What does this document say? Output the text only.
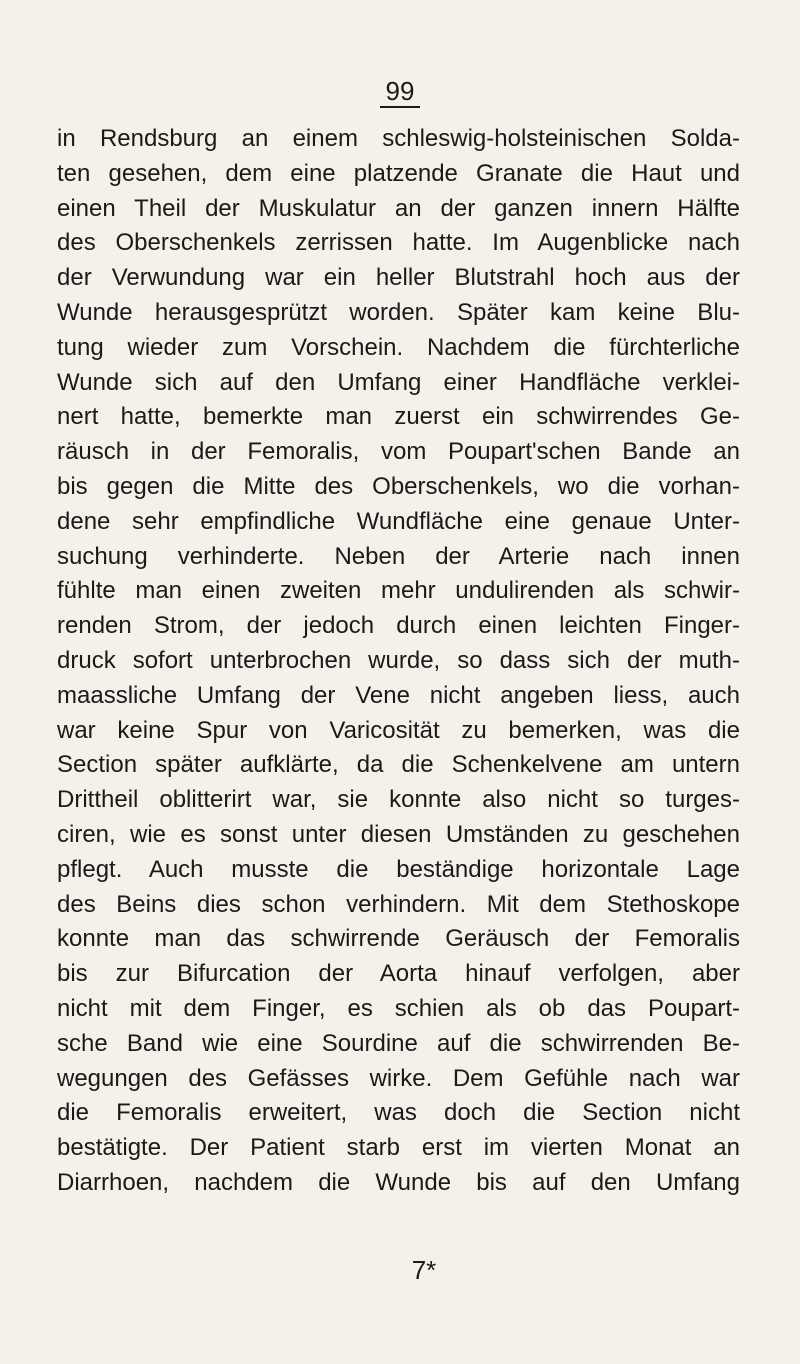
99
in Rendsburg an einem schleswig-holsteinischen Solda-
ten gesehen, dem eine platzende Granate die Haut und
einen Theil der Muskulatur an der ganzen innern Hälfte
des Oberschenkels zerrissen hatte. Im Augenblicke nach
der Verwundung war ein heller Blutstrahl hoch aus der
Wunde herausgesprützt worden. Später kam keine Blu-
tung wieder zum Vorschein. Nachdem die fürchterliche
Wunde sich auf den Umfang einer Handfläche verklei-
nert hatte, bemerkte man zuerst ein schwirrendes Ge-
räusch in der Femoralis, vom Poupart'schen Bande an
bis gegen die Mitte des Oberschenkels, wo die vorhan-
dene sehr empfindliche Wundfläche eine genaue Unter-
suchung verhinderte. Neben der Arterie nach innen
fühlte man einen zweiten mehr undulirenden als schwir-
renden Strom, der jedoch durch einen leichten Finger-
druck sofort unterbrochen wurde, so dass sich der muth-
maassliche Umfang der Vene nicht angeben liess, auch
war keine Spur von Varicosität zu bemerken, was die
Section später aufklärte, da die Schenkelvene am untern
Drittheil oblitterirt war, sie konnte also nicht so turges-
ciren, wie es sonst unter diesen Umständen zu geschehen
pflegt. Auch musste die beständige horizontale Lage
des Beins dies schon verhindern. Mit dem Stethoskope
konnte man das schwirrende Geräusch der Femoralis
bis zur Bifurcation der Aorta hinauf verfolgen, aber
nicht mit dem Finger, es schien als ob das Poupart-
sche Band wie eine Sourdine auf die schwirrenden Be-
wegungen des Gefässes wirke. Dem Gefühle nach war
die Femoralis erweitert, was doch die Section nicht
bestätigte. Der Patient starb erst im vierten Monat an
Diarrhoen, nachdem die Wunde bis auf den Umfang
7*
